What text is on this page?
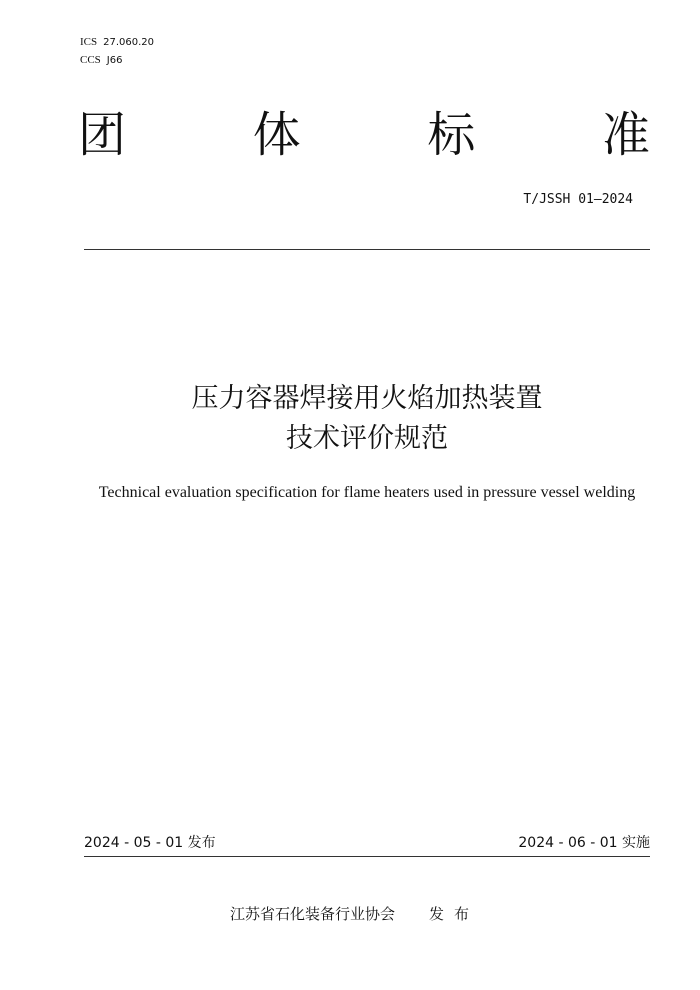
ICS 27.060.20
CCS J66
团	体	标	准
T/JSSH 01—2024
压力容器焊接用火焰加热装置
技术评价规范
Technical evaluation specification for flame heaters used in pressure vessel welding
2024 - 05 - 01 发布	2024 - 06 - 01 实施
江苏省石化装备行业协会 发布
